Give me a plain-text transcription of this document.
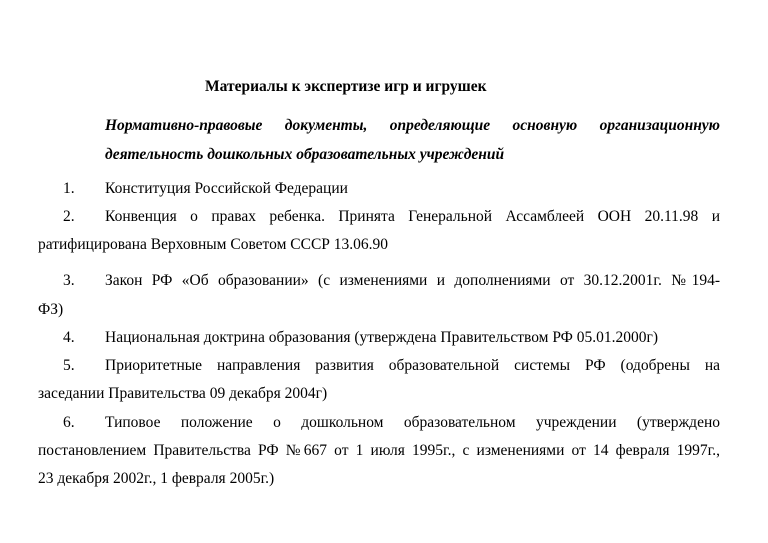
Материалы к экспертизе игр и игрушек
Нормативно-правовые документы, определяющие основную организационную
деятельность дошкольных образовательных учреждений
1. Конституция Российской Федерации
2. Конвенция о правах ребенка. Принята Генеральной Ассамблеей ООН 20.11.98 и
ратифицирована Верховным Советом СССР 13.06.90
3. Закон РФ «Об образовании» (с изменениями и дополнениями от 30.12.2001г. №194-
ФЗ)
4. Национальная доктрина образования (утверждена Правительством РФ 05.01.2000г)
5. Приоритетные направления развития образовательной системы РФ (одобрены на
заседании Правительства 09 декабря 2004г)
6. Типовое положение о дошкольном образовательном учреждении (утверждено
постановлением Правительства РФ №667 от 1 июля 1995г., с изменениями от 14 февраля 1997г.,
23 декабря 2002г., 1 февраля 2005г.)
